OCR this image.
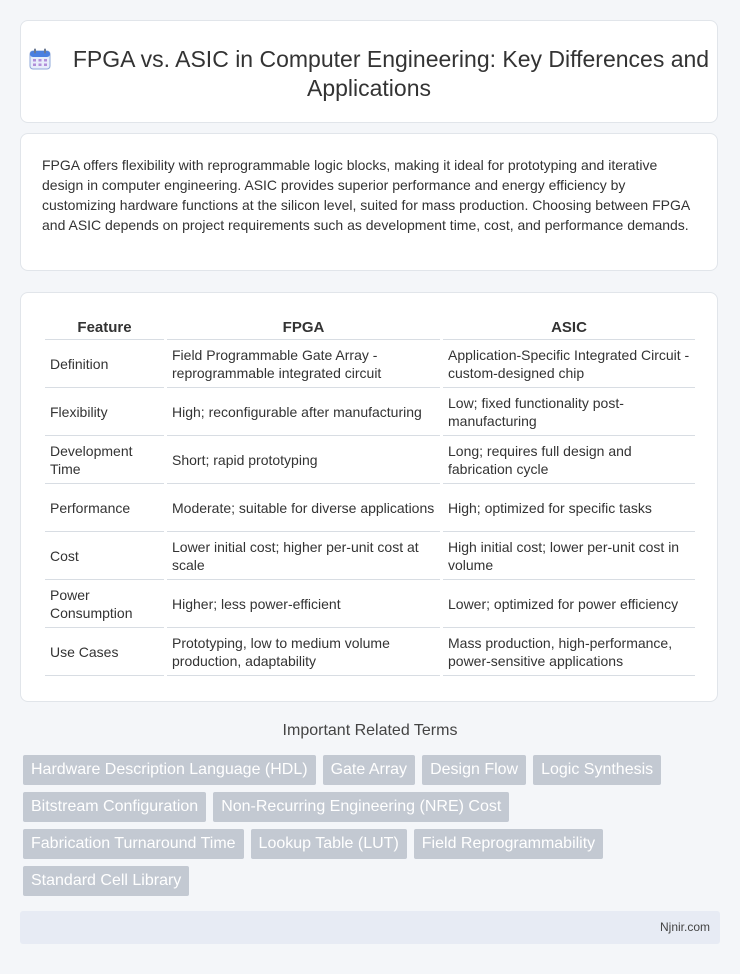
FPGA vs. ASIC in Computer Engineering: Key Differences and Applications
FPGA offers flexibility with reprogrammable logic blocks, making it ideal for prototyping and iterative design in computer engineering. ASIC provides superior performance and energy efficiency by customizing hardware functions at the silicon level, suited for mass production. Choosing between FPGA and ASIC depends on project requirements such as development time, cost, and performance demands.
Feature	FPGA	ASIC
Definition	Field Programmable Gate Array - reprogrammable integrated circuit	Application-Specific Integrated Circuit - custom-designed chip
Flexibility	High; reconfigurable after manufacturing	Low; fixed functionality post-manufacturing
Development Time	Short; rapid prototyping	Long; requires full design and fabrication cycle
Performance	Moderate; suitable for diverse applications	High; optimized for specific tasks
Cost	Lower initial cost; higher per-unit cost at scale	High initial cost; lower per-unit cost in volume
Power Consumption	Higher; less power-efficient	Lower; optimized for power efficiency
Use Cases	Prototyping, low to medium volume production, adaptability	Mass production, high-performance, power-sensitive applications
Important Related Terms
Hardware Description Language (HDL)	Gate Array	Design Flow	Logic Synthesis
Bitstream Configuration	Non-Recurring Engineering (NRE) Cost
Fabrication Turnaround Time	Lookup Table (LUT)	Field Reprogrammability
Standard Cell Library
Njnir.com
